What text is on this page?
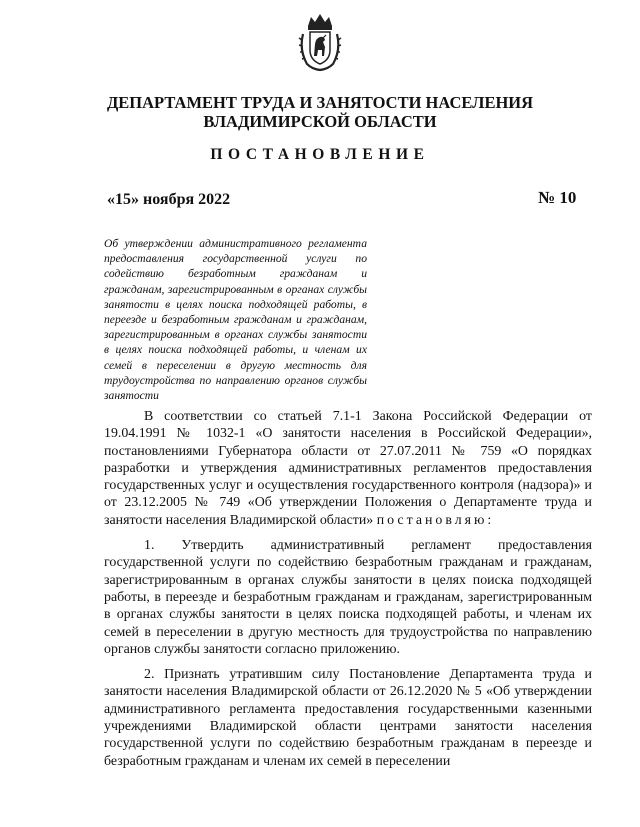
ДЕПАРТАМЕНТ ТРУДА И ЗАНЯТОСТИ НАСЕЛЕНИЯ
ВЛАДИМИРСКОЙ ОБЛАСТИ
ПОСТАНОВЛЕНИЕ
«15» ноября 2022	№ 10
Об утверждении административного регламента предоставления государственной услуги по содействию безработным гражданам и гражданам, зарегистрированным в органах службы занятости в целях поиска подходящей работы, в переезде и безработным гражданам и гражданам, зарегистрированным в органах службы занятости в целях поиска подходящей работы, и членам их семей в переселении в другую местность для трудоустройства по направлению органов службы занятости

В соответствии со статьей 7.1-1 Закона Российской Федерации от 19.04.1991 № 1032-1 «О занятости населения в Российской Федерации», постановлениями Губернатора области от 27.07.2011 № 759 «О порядках разработки и утверждения административных регламентов предоставления государственных услуг и осуществления государственного контроля (надзора)» и от 23.12.2005 № 749 «Об утверждении Положения о Департаменте труда и занятости населения Владимирской области» постановляю:

1. Утвердить административный регламент предоставления государственной услуги по содействию безработным гражданам и гражданам, зарегистрированным в органах службы занятости в целях поиска подходящей работы, в переезде и безработным гражданам и гражданам, зарегистрированным в органах службы занятости в целях поиска подходящей работы, и членам их семей в переселении в другую местность для трудоустройства по направлению органов службы занятости согласно приложению.

2. Признать утратившим силу Постановление Департамента труда и занятости населения Владимирской области от 26.12.2020 № 5 «Об утверждении административного регламента предоставления государственными казенными учреждениями Владимирской области центрами занятости населения государственной услуги по содействию безработным гражданам в переезде и безработным гражданам и членам их семей в переселении
